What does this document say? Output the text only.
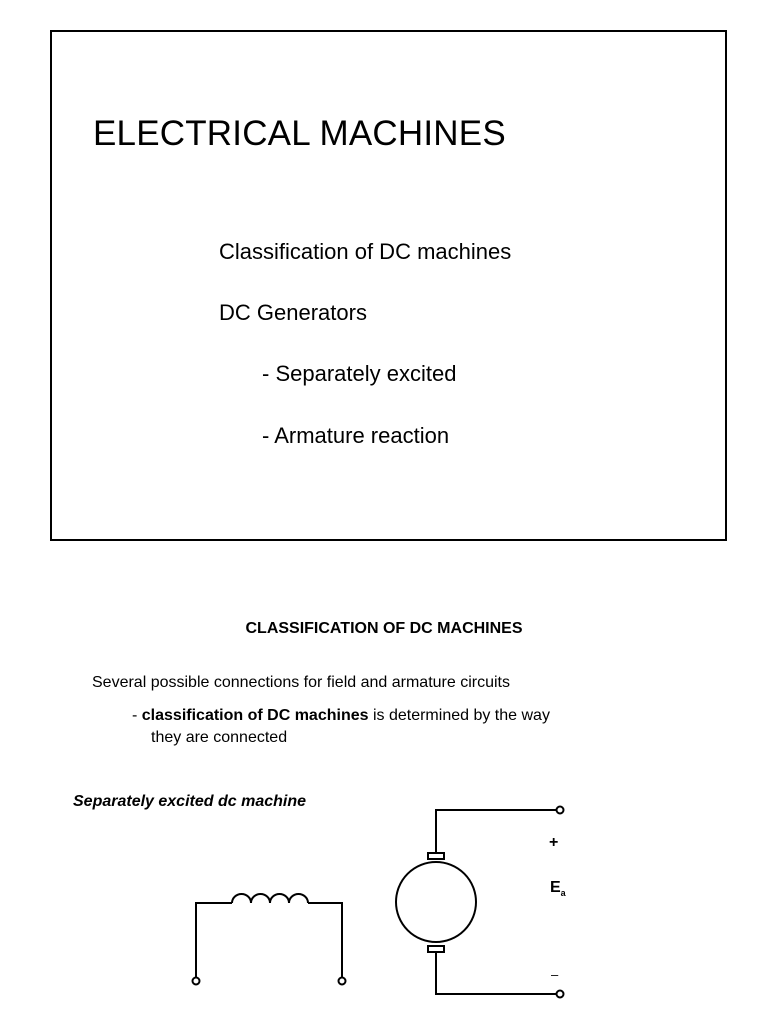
ELECTRICAL MACHINES
Classification of DC machines
DC Generators
- Separately excited
- Armature reaction
CLASSIFICATION OF DC MACHINES
Several possible connections for field and armature circuits
- classification of DC machines is determined by the way
they are connected
Separately excited dc machine
+
$E_a$
–
